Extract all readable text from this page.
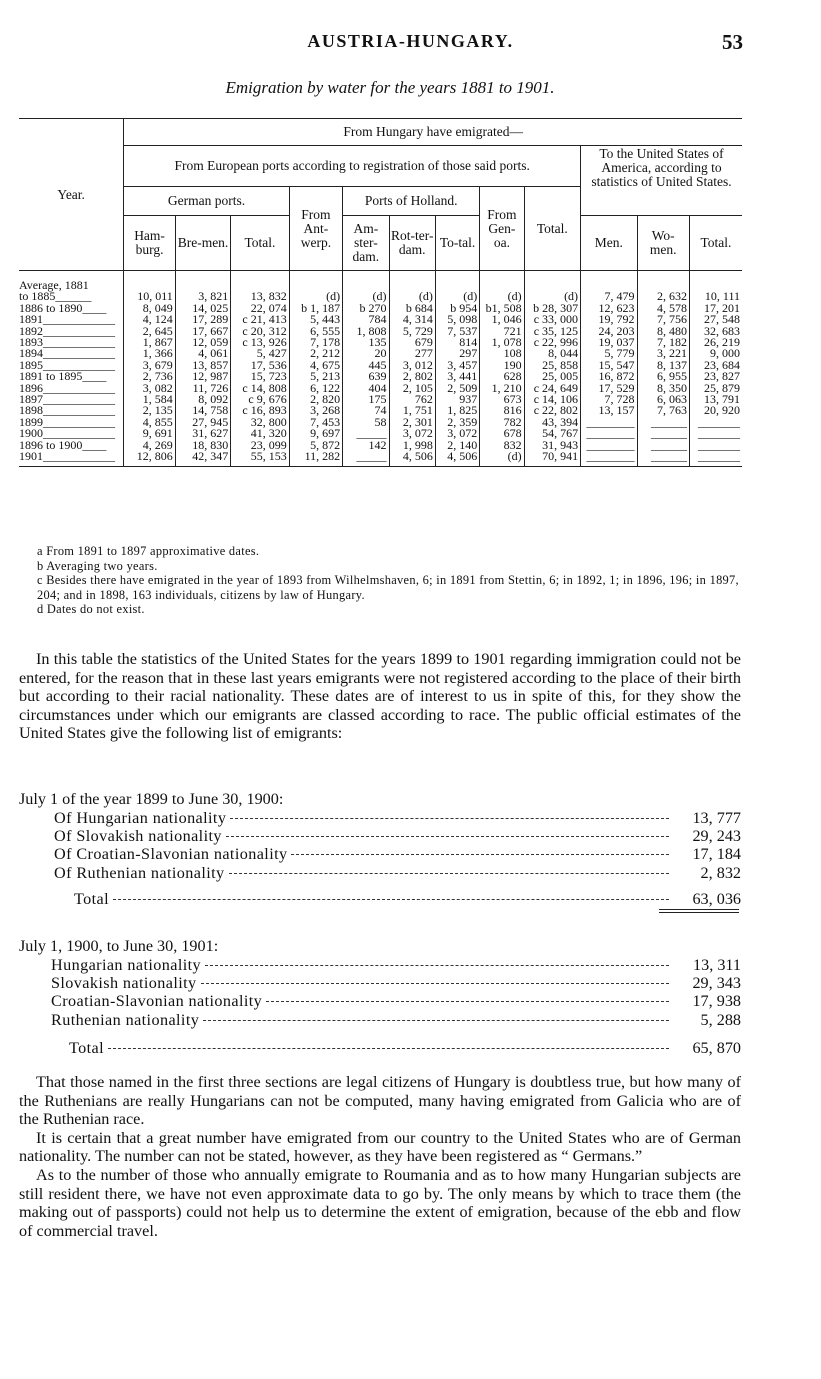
AUSTRIA-HUNGARY.	53
Emigration by water for the years 1881 to 1901.
Year.	From Hungary have emigrated—											
	From European ports according to registration of those said ports.									To the United States of America, according to statistics of United States.		
	German ports.			From Ant-werp.	Ports of Holland.			From Gen-oa.	Total.			
	Ham-burg.	Bre-men.	Total.		Am-ster-dam.	Rot-ter-dam.	To-tal.			Men.	Wo-men.	Total.
Average, 1881												
to 1885______	10, 011	3, 821	13, 832	(d)	(d)	(d)	(d)	(d)	(d)	7, 479	2, 632	10, 111
1886 to 1890____	8, 049	14, 025	22, 074	b 1, 187	b 270	b 684	b 954	b1, 508	b 28, 307	12, 623	4, 578	17, 201
1891____________	4, 124	17, 289	c 21, 413	5, 443	784	4, 314	5, 098	1, 046	c 33, 000	19, 792	7, 756	27, 548
1892____________	2, 645	17, 667	c 20, 312	6, 555	1, 808	5, 729	7, 537	721	c 35, 125	24, 203	8, 480	32, 683
1893____________	1, 867	12, 059	c 13, 926	7, 178	135	679	814	1, 078	c 22, 996	19, 037	7, 182	26, 219
1894____________	1, 366	4, 061	5, 427	2, 212	20	277	297	108	8, 044	5, 779	3, 221	9, 000
1895____________	3, 679	13, 857	17, 536	4, 675	445	3, 012	3, 457	190	25, 858	15, 547	8, 137	23, 684
1891 to 1895____	2, 736	12, 987	15, 723	5, 213	639	2, 802	3, 441	628	25, 005	16, 872	6, 955	23, 827
1896____________	3, 082	11, 726	c 14, 808	6, 122	404	2, 105	2, 509	1, 210	c 24, 649	17, 529	8, 350	25, 879
1897____________	1, 584	8, 092	c 9, 676	2, 820	175	762	937	673	c 14, 106	7, 728	6, 063	13, 791
1898____________	2, 135	14, 758	c 16, 893	3, 268	74	1, 751	1, 825	816	c 22, 802	13, 157	7, 763	20, 920
1899____________	4, 855	27, 945	32, 800	7, 453	58	2, 301	2, 359	782	43, 394	________	______	_______
1900____________	9, 691	31, 627	41, 320	9, 697	_____	3, 072	3, 072	678	54, 767	________	______	_______
1896 to 1900____	4, 269	18, 830	23, 099	5, 872	142	1, 998	2, 140	832	31, 943	________	______	_______
1901____________	12, 806	42, 347	55, 153	11, 282	_____	4, 506	4, 506	(d)	70, 941	________	______	_______

a From 1891 to 1897 approximative dates.

b Averaging two years.

c Besides there have emigrated in the year of 1893 from Wilhelmshaven, 6; in 1891 from Stettin, 6; in 1892, 1; in 1896, 196; in 1897, 204; and in 1898, 163 individuals, citizens by law of Hungary.

d Dates do not exist.

In this table the statistics of the United States for the years 1899 to 1901 regarding immigration could not be entered, for the reason that in these last years emigrants were not registered according to the place of their birth but according to their racial nationality. These dates are of interest to us in spite of this, for they show the circumstances under which our emigrants are classed according to race. The public official estimates of the United States give the following list of emigrants:

July 1 of the year 1899 to June 30, 1900:

Of Hungarian nationality	13, 777
Of Slovakish nationality	29, 243
Of Croatian-Slavonian nationality	17, 184
Of Ruthenian nationality	2, 832
Total	63, 036

July 1, 1900, to June 30, 1901:

Hungarian nationality	13, 311
Slovakish nationality	29, 343
Croatian-Slavonian nationality	17, 938
Ruthenian nationality	5, 288
Total	65, 870

That those named in the first three sections are legal citizens of Hungary is doubtless true, but how many of the Ruthenians are really Hungarians can not be computed, many having emigrated from Galicia who are of the Ruthenian race.

It is certain that a great number have emigrated from our country to the United States who are of German nationality. The number can not be stated, however, as they have been registered as “ Germans.”

As to the number of those who annually emigrate to Roumania and as to how many Hungarian subjects are still resident there, we have not even approximate data to go by. The only means by which to trace them (the making out of passports) could not help us to determine the extent of emigration, because of the ebb and flow of commercial travel.
